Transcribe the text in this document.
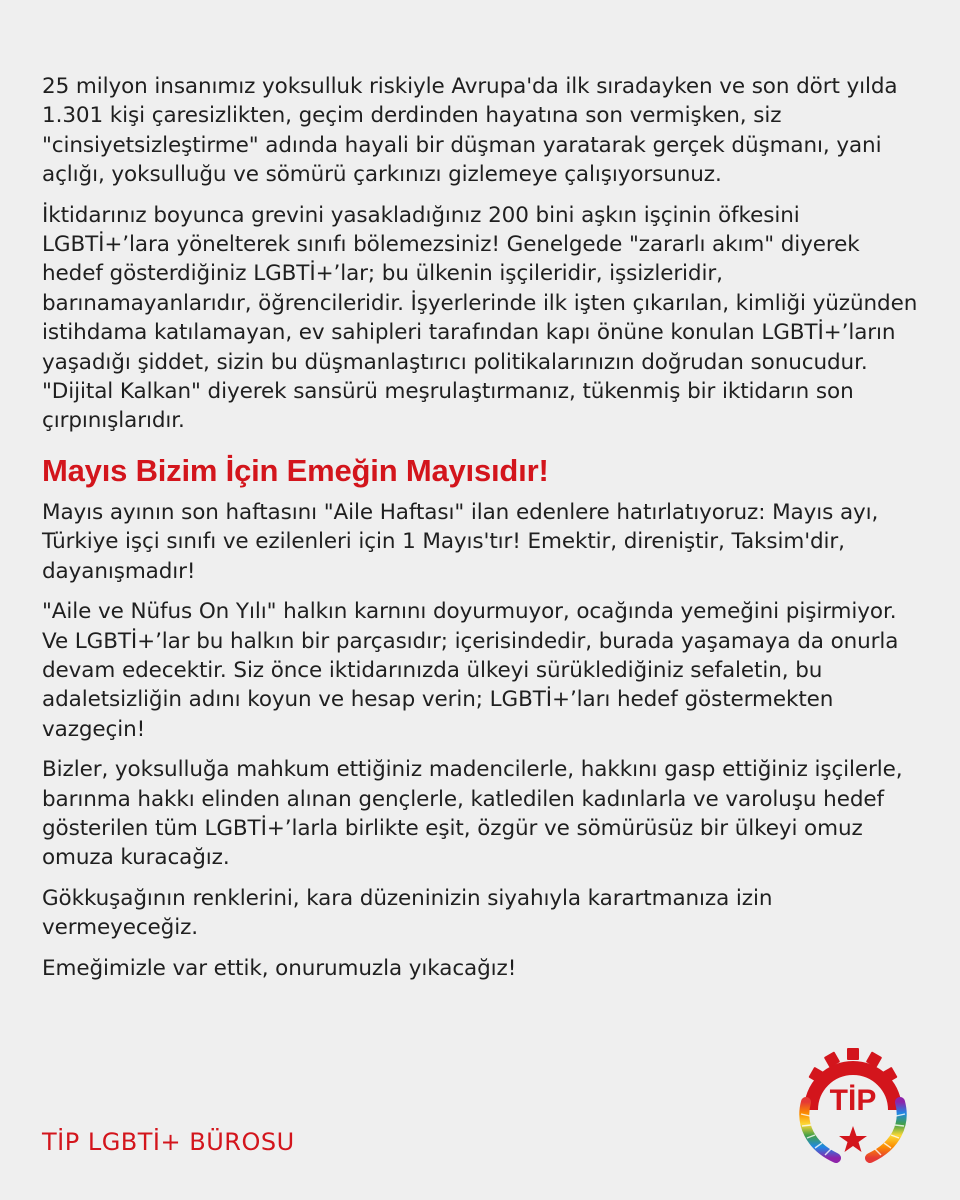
25 milyon insanımız yoksulluk riskiyle Avrupa'da ilk sıradayken ve son dört yılda 1.301 kişi çaresizlikten, geçim derdinden hayatına son vermişken, siz "cinsiyetsizleştirme" adında hayali bir düşman yaratarak gerçek düşmanı, yani açlığı, yoksulluğu ve sömürü çarkınızı gizlemeye çalışıyorsunuz.

İktidarınız boyunca grevini yasakladığınız 200 bini aşkın işçinin öfkesini LGBTİ+’lara yönelterek sınıfı bölemezsiniz! Genelgede "zararlı akım" diyerek hedef gösterdiğiniz LGBTİ+’lar; bu ülkenin işçileridir, işsizleridir, barınamayanlarıdır, öğrencileridir. İşyerlerinde ilk işten çıkarılan, kimliği yüzünden istihdama katılamayan, ev sahipleri tarafından kapı önüne konulan LGBTİ+’ların yaşadığı şiddet, sizin bu düşmanlaştırıcı politikalarınızın doğrudan sonucudur. "Dijital Kalkan" diyerek sansürü meşrulaştırmanız, tükenmiş bir iktidarın son çırpınışlarıdır.

Mayıs Bizim İçin Emeğin Mayısıdır!

Mayıs ayının son haftasını "Aile Haftası" ilan edenlere hatırlatıyoruz: Mayıs ayı, Türkiye işçi sınıfı ve ezilenleri için 1 Mayıs'tır! Emektir, direniştir, Taksim'dir, dayanışmadır!

"Aile ve Nüfus On Yılı" halkın karnını doyurmuyor, ocağında yemeğini pişirmiyor. Ve LGBTİ+’lar bu halkın bir parçasıdır; içerisindedir, burada yaşamaya da onurla devam edecektir. Siz önce iktidarınızda ülkeyi sürüklediğiniz sefaletin, bu adaletsizliğin adını koyun ve hesap verin; LGBTİ+’ları hedef göstermekten vazgeçin!

Bizler, yoksulluğa mahkum ettiğiniz madencilerle, hakkını gasp ettiğiniz işçilerle, barınma hakkı elinden alınan gençlerle, katledilen kadınlarla ve varoluşu hedef gösterilen tüm LGBTİ+’larla birlikte eşit, özgür ve sömürüsüz bir ülkeyi omuz omuza kuracağız.

Gökkuşağının renklerini, kara düzeninizin siyahıyla karartmanıza izin vermeyeceğiz.

Emeğimizle var ettik, onurumuzla yıkacağız!

TİP LGBTİ+ BÜROSU
TİP
